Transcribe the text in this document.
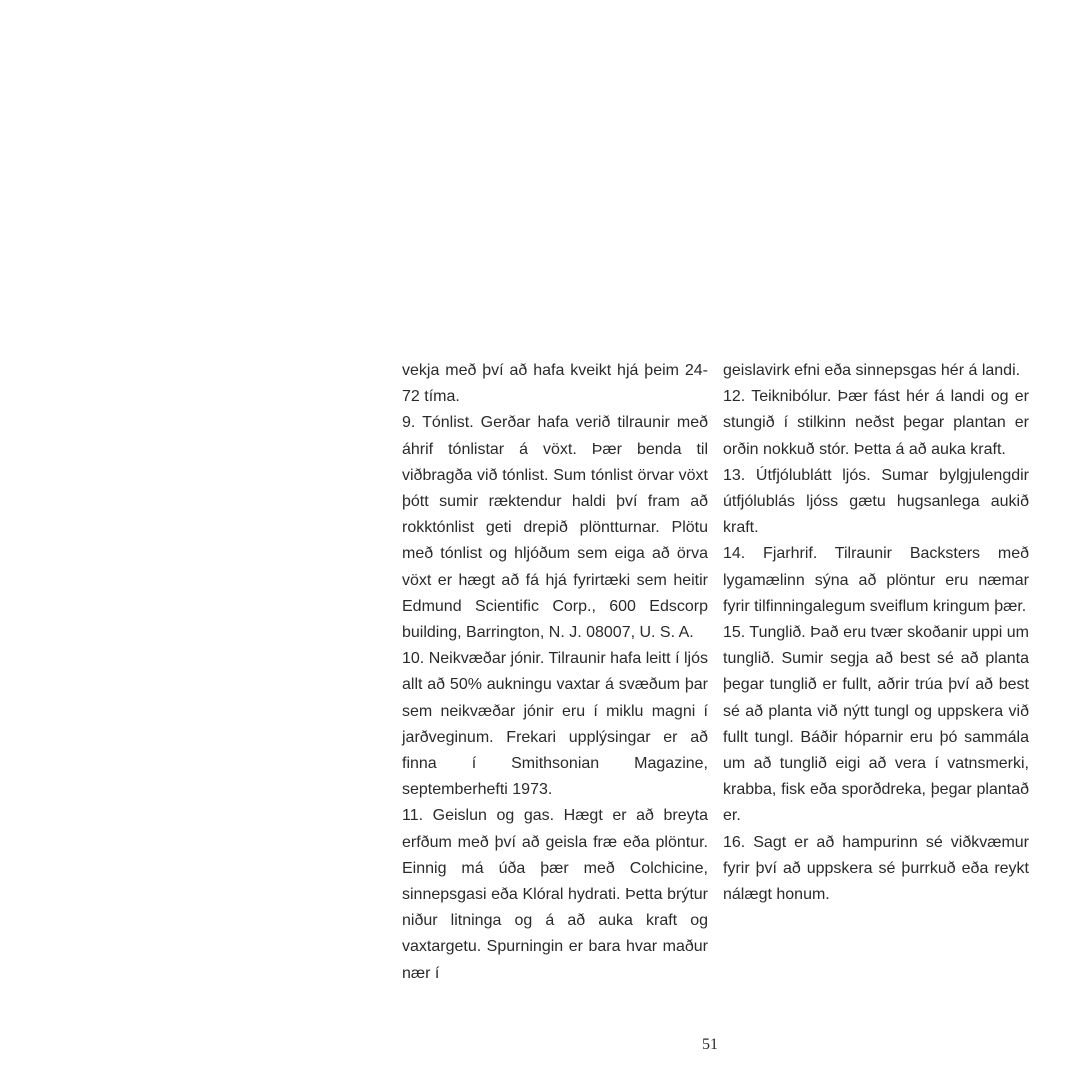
vekja með því að hafa kveikt hjá þeim 24-72 tíma.

9. Tónlist. Gerðar hafa verið tilraunir með áhrif tónlistar á vöxt. Þær benda til viðbragða við tónlist. Sum tónlist örvar vöxt þótt sumir ræktendur haldi því fram að rokktónlist geti drepið plöntturnar. Plötu með tónlist og hljóðum sem eiga að örva vöxt er hægt að fá hjá fyrirtæki sem heitir Edmund Scientific Corp., 600 Edscorp building, Barrington, N. J. 08007, U. S. A.

10. Neikvæðar jónir. Tilraunir hafa leitt í ljós allt að 50% aukningu vaxtar á svæðum þar sem neikvæðar jónir eru í miklu magni í jarðveginum. Frekari upplýsingar er að finna í Smithsonian Magazine, septemberhefti 1973.

11. Geislun og gas. Hægt er að breyta erfðum með því að geisla fræ eða plöntur. Einnig má úða þær með Colchicine, sinnepsgasi eða Klóral hydrati. Þetta brýtur niður litninga og á að auka kraft og vaxtargetu. Spurningin er bara hvar maður nær í

geislavirk efni eða sinnepsgas hér á landi.

12. Teiknibólur. Þær fást hér á landi og er stungið í stilkinn neðst þegar plantan er orðin nokkuð stór. Þetta á að auka kraft.

13. Útfjólublátt ljós. Sumar bylgjulengdir útfjólublás ljóss gætu hugsanlega aukið kraft.

14. Fjarhrif. Tilraunir Backsters með lygamælinn sýna að plöntur eru næmar fyrir tilfinningalegum sveiflum kringum þær.

15. Tunglið. Það eru tvær skoðanir uppi um tunglið. Sumir segja að best sé að planta þegar tunglið er fullt, aðrir trúa því að best sé að planta við nýtt tungl og uppskera við fullt tungl. Báðir hóparnir eru þó sammála um að tunglið eigi að vera í vatnsmerki, krabba, fisk eða sporðdreka, þegar plantað er.

16. Sagt er að hampurinn sé viðkvæmur fyrir því að uppskera sé þurrkuð eða reykt nálægt honum.

51
